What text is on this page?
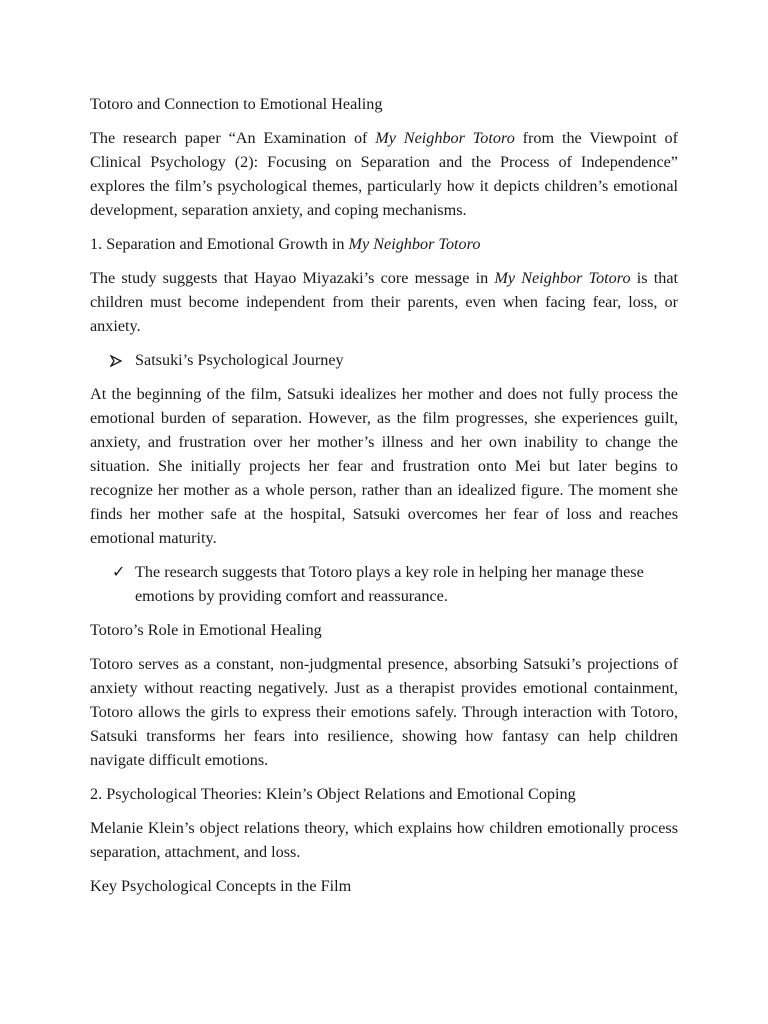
Totoro and Connection to Emotional Healing

The research paper “An Examination of My Neighbor Totoro from the Viewpoint of Clinical Psychology (2): Focusing on Separation and the Process of Independence” explores the film’s psychological themes, particularly how it depicts children’s emotional development, separation anxiety, and coping mechanisms.

1. Separation and Emotional Growth in My Neighbor Totoro

The study suggests that Hayao Miyazaki’s core message in My Neighbor Totoro is that children must become independent from their parents, even when facing fear, loss, or anxiety.

Satsuki’s Psychological Journey

At the beginning of the film, Satsuki idealizes her mother and does not fully process the emotional burden of separation. However, as the film progresses, she experiences guilt, anxiety, and frustration over her mother’s illness and her own inability to change the situation. She initially projects her fear and frustration onto Mei but later begins to recognize her mother as a whole person, rather than an idealized figure. The moment she finds her mother safe at the hospital, Satsuki overcomes her fear of loss and reaches emotional maturity.

✓ The research suggests that Totoro plays a key role in helping her manage these emotions by providing comfort and reassurance.

Totoro’s Role in Emotional Healing

Totoro serves as a constant, non-judgmental presence, absorbing Satsuki’s projections of anxiety without reacting negatively. Just as a therapist provides emotional containment, Totoro allows the girls to express their emotions safely. Through interaction with Totoro, Satsuki transforms her fears into resilience, showing how fantasy can help children navigate difficult emotions.

2. Psychological Theories: Klein’s Object Relations and Emotional Coping

Melanie Klein’s object relations theory, which explains how children emotionally process separation, attachment, and loss.

Key Psychological Concepts in the Film
